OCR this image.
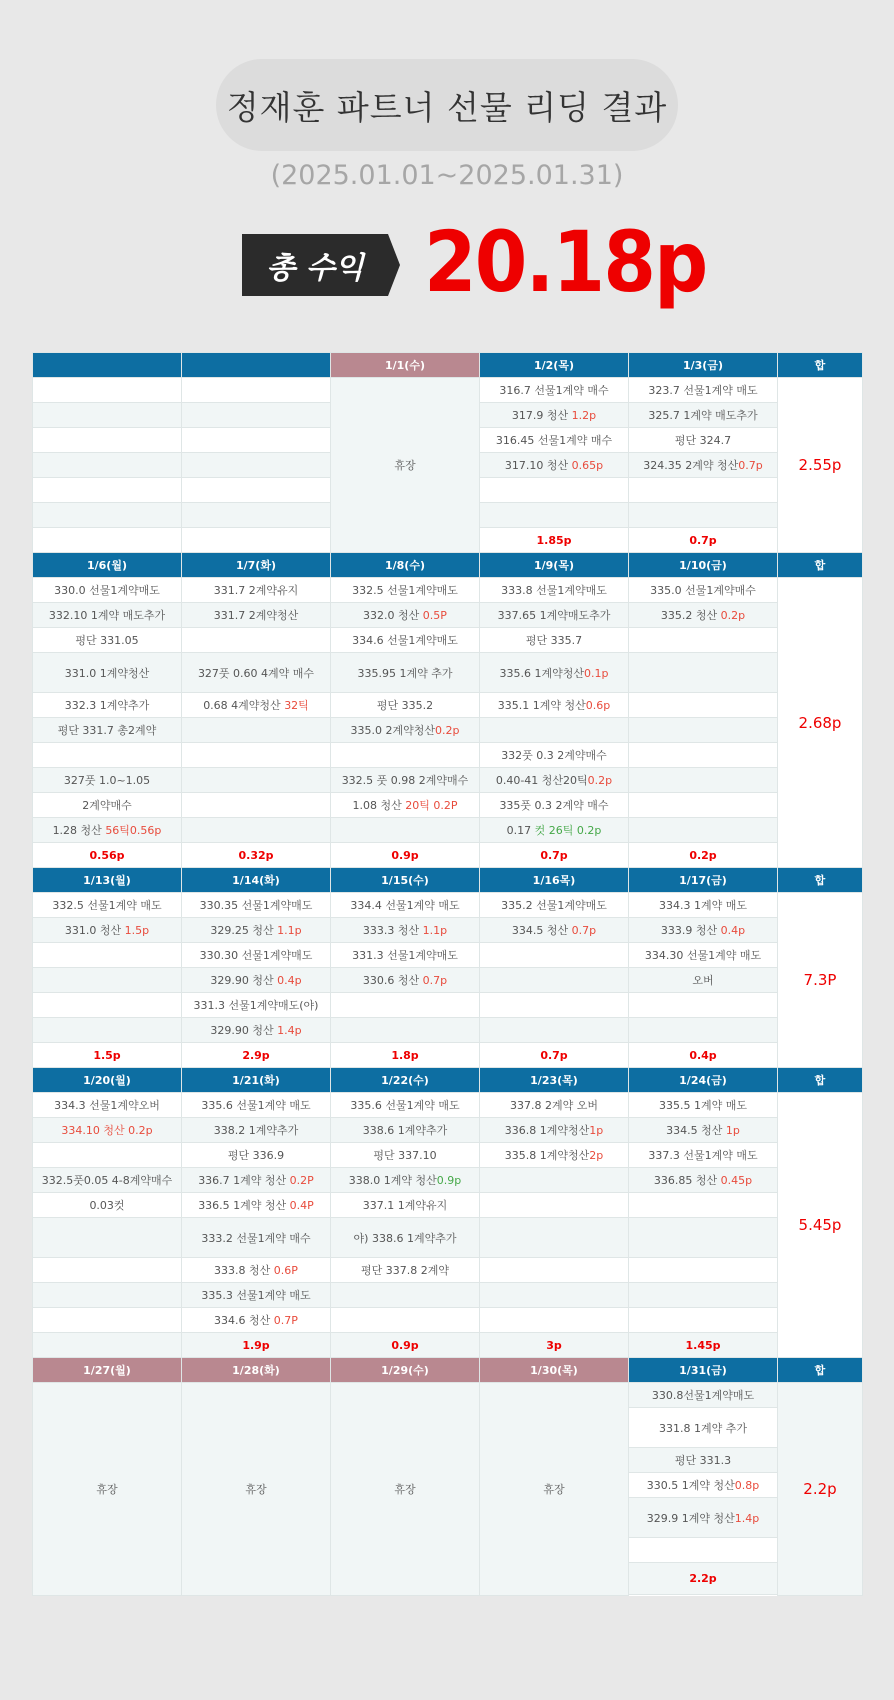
정재훈 파트너 선물 리딩 결과
(2025.01.01~2025.01.31)
총 수익 20.18p
		1/1(수)	1/2(목)	1/3(금)	합
		휴장	316.7 선물1계약 매수	323.7 선물1계약 매도	2.55p
			317.9 청산 1.2p	325.7 1계약 매도추가	
			316.45 선물1계약 매수	평단 324.7	
			317.10 청산 0.65p	324.35 2계약 청산0.7p	

			1.85p	0.7p	
1/6(월)	1/7(화)	1/8(수)	1/9(목)	1/10(금)	합
330.0 선물1계약매도	331.7 2계약유지	332.5 선물1계약매도	333.8 선물1계약매도	335.0 선물1계약매수	2.68p
332.10 1계약 매도추가	331.7 2계약청산	332.0 청산 0.5P	337.65 1계약매도추가	335.2 청산 0.2p	
평단 331.05		334.6 선물1계약매도	평단 335.7		
331.0 1계약청산	327풋 0.60 4계약 매수	335.95 1계약 추가	335.6 1계약청산0.1p		
332.3 1계약추가	0.68 4계약청산 32틱	평단 335.2	335.1 1계약 청산0.6p		
평단 331.7 총2계약		335.0 2계약청산0.2p			
			332풋 0.3 2계약매수		
327풋 1.0~1.05		332.5 풋 0.98 2계약매수	0.40-41 청산20틱0.2p		
2계약매수		1.08 청산 20틱 0.2P	335풋 0.3 2계약 매수		
1.28 청산 56틱0.56p			0.17 컷 26틱 0.2p		
0.56p	0.32p	0.9p	0.7p	0.2p	
1/13(월)	1/14(화)	1/15(수)	1/16목)	1/17(금)	합
332.5 선물1계약 매도	330.35 선물1계약매도	334.4 선물1계약 매도	335.2 선물1계약매도	334.3 1계약 매도	7.3P
331.0 청산 1.5p	329.25 청산 1.1p	333.3 청산 1.1p	334.5 청산 0.7p	333.9 청산 0.4p	
	330.30 선물1계약매도	331.3 선물1계약매도		334.30 선물1계약 매도	
	329.90 청산 0.4p	330.6 청산 0.7p		오버	
	331.3 선물1계약매도(야)				
	329.90 청산 1.4p				
1.5p	2.9p	1.8p	0.7p	0.4p	
1/20(월)	1/21(화)	1/22(수)	1/23(목)	1/24(금)	합
334.3 선물1계약오버	335.6 선물1계약 매도	335.6 선물1계약 매도	337.8 2계약 오버	335.5 1계약 매도	5.45p
334.10 청산 0.2p	338.2 1계약추가	338.6 1계약추가	336.8 1계약청산1p	334.5 청산 1p	
	평단 336.9	평단 337.10	335.8 1계약청산2p	337.3 선물1계약 매도	
332.5풋0.05 4-8계약매수	336.7 1계약 청산 0.2P	338.0 1계약 청산0.9p		336.85 청산 0.45p	
0.03컷	336.5 1계약 청산 0.4P	337.1 1계약유지			
	333.2 선물1계약 매수	야) 338.6 1계약추가			
	333.8 청산 0.6P	평단 337.8 2계약			
	335.3 선물1계약 매도				
	334.6 청산 0.7P				
	1.9p	0.9p	3p	1.45p	
1/27(월)	1/28(화)	1/29(수)	1/30(목)	1/31(금)	합
휴장	휴장	휴장	휴장	330.8선물1계약매도	2.2p
				331.8 1계약 추가	
				평단 331.3	
				330.5 1계약 청산0.8p	
				329.9 1계약 청산1.4p	

				2.2p	
